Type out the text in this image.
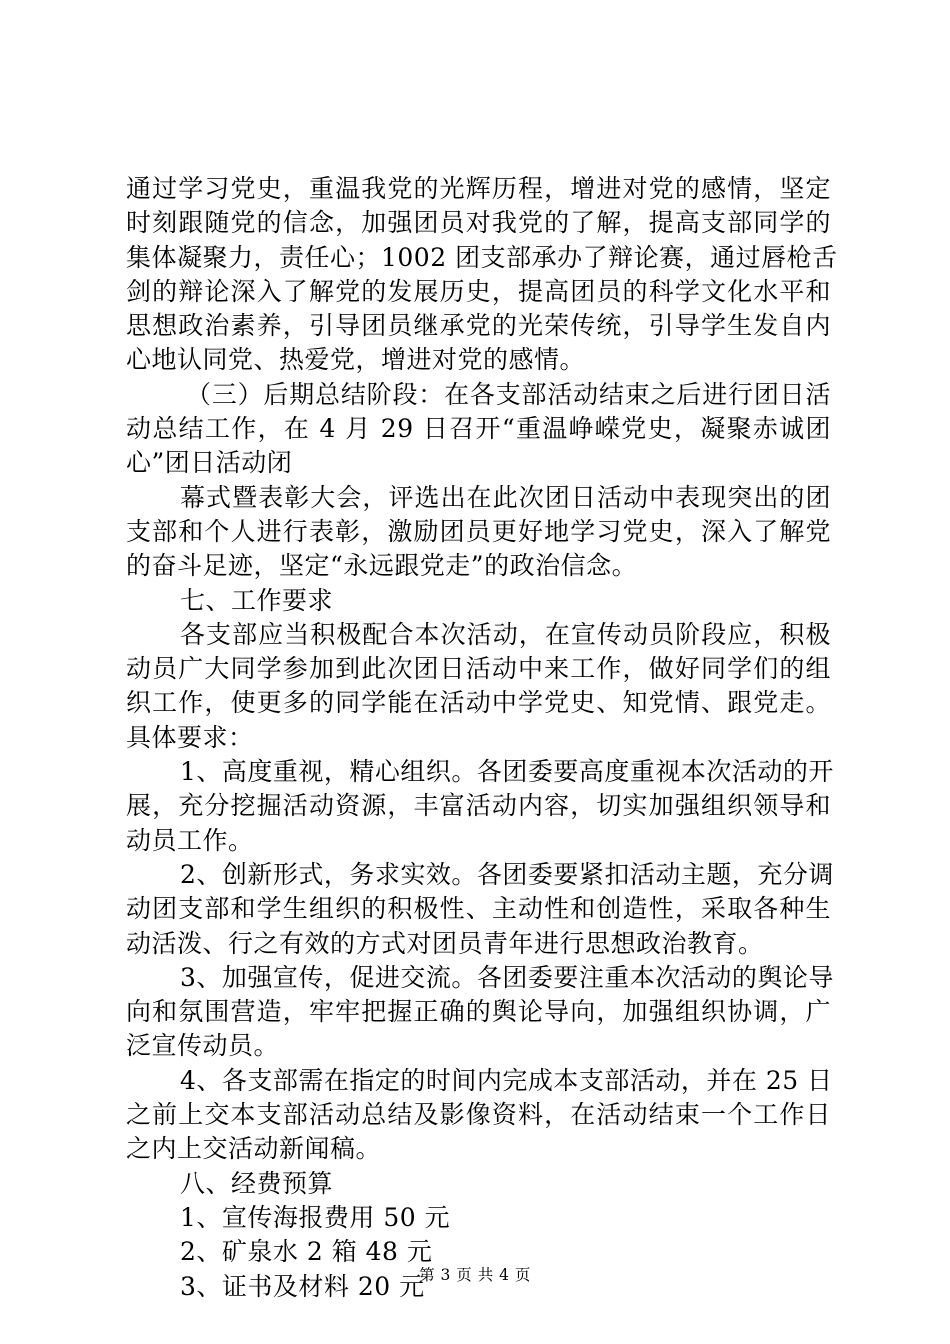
通过学习党史，重温我党的光辉历程，增进对党的感情，坚定
时刻跟随党的信念，加强团员对我党的了解，提高支部同学的
集体凝聚力，责任心；1002 团支部承办了辩论赛，通过唇枪舌
剑的辩论深入了解党的发展历史，提高团员的科学文化水平和
思想政治素养，引导团员继承党的光荣传统，引导学生发自内
心地认同党、热爱党，增进对党的感情。
（三）后期总结阶段：在各支部活动结束之后进行团日活
动总结工作，在 4 月 29 日召开“重温峥嵘党史，凝聚赤诚团
心”团日活动闭
幕式暨表彰大会，评选出在此次团日活动中表现突出的团
支部和个人进行表彰，激励团员更好地学习党史，深入了解党
的奋斗足迹，坚定“永远跟党走”的政治信念。
七、工作要求
各支部应当积极配合本次活动，在宣传动员阶段应，积极
动员广大同学参加到此次团日活动中来工作，做好同学们的组
织工作，使更多的同学能在活动中学党史、知党情、跟党走。
具体要求：
1、高度重视，精心组织。各团委要高度重视本次活动的开
展，充分挖掘活动资源，丰富活动内容，切实加强组织领导和
动员工作。
2、创新形式，务求实效。各团委要紧扣活动主题，充分调
动团支部和学生组织的积极性、主动性和创造性，采取各种生
动活泼、行之有效的方式对团员青年进行思想政治教育。
3、加强宣传，促进交流。各团委要注重本次活动的舆论导
向和氛围营造，牢牢把握正确的舆论导向，加强组织协调，广
泛宣传动员。
4、各支部需在指定的时间内完成本支部活动，并在 25 日
之前上交本支部活动总结及影像资料，在活动结束一个工作日
之内上交活动新闻稿。
八、经费预算
1、宣传海报费用 50 元
2、矿泉水 2 箱 48 元
3、证书及材料 20 元
第 3 页 共 4 页
